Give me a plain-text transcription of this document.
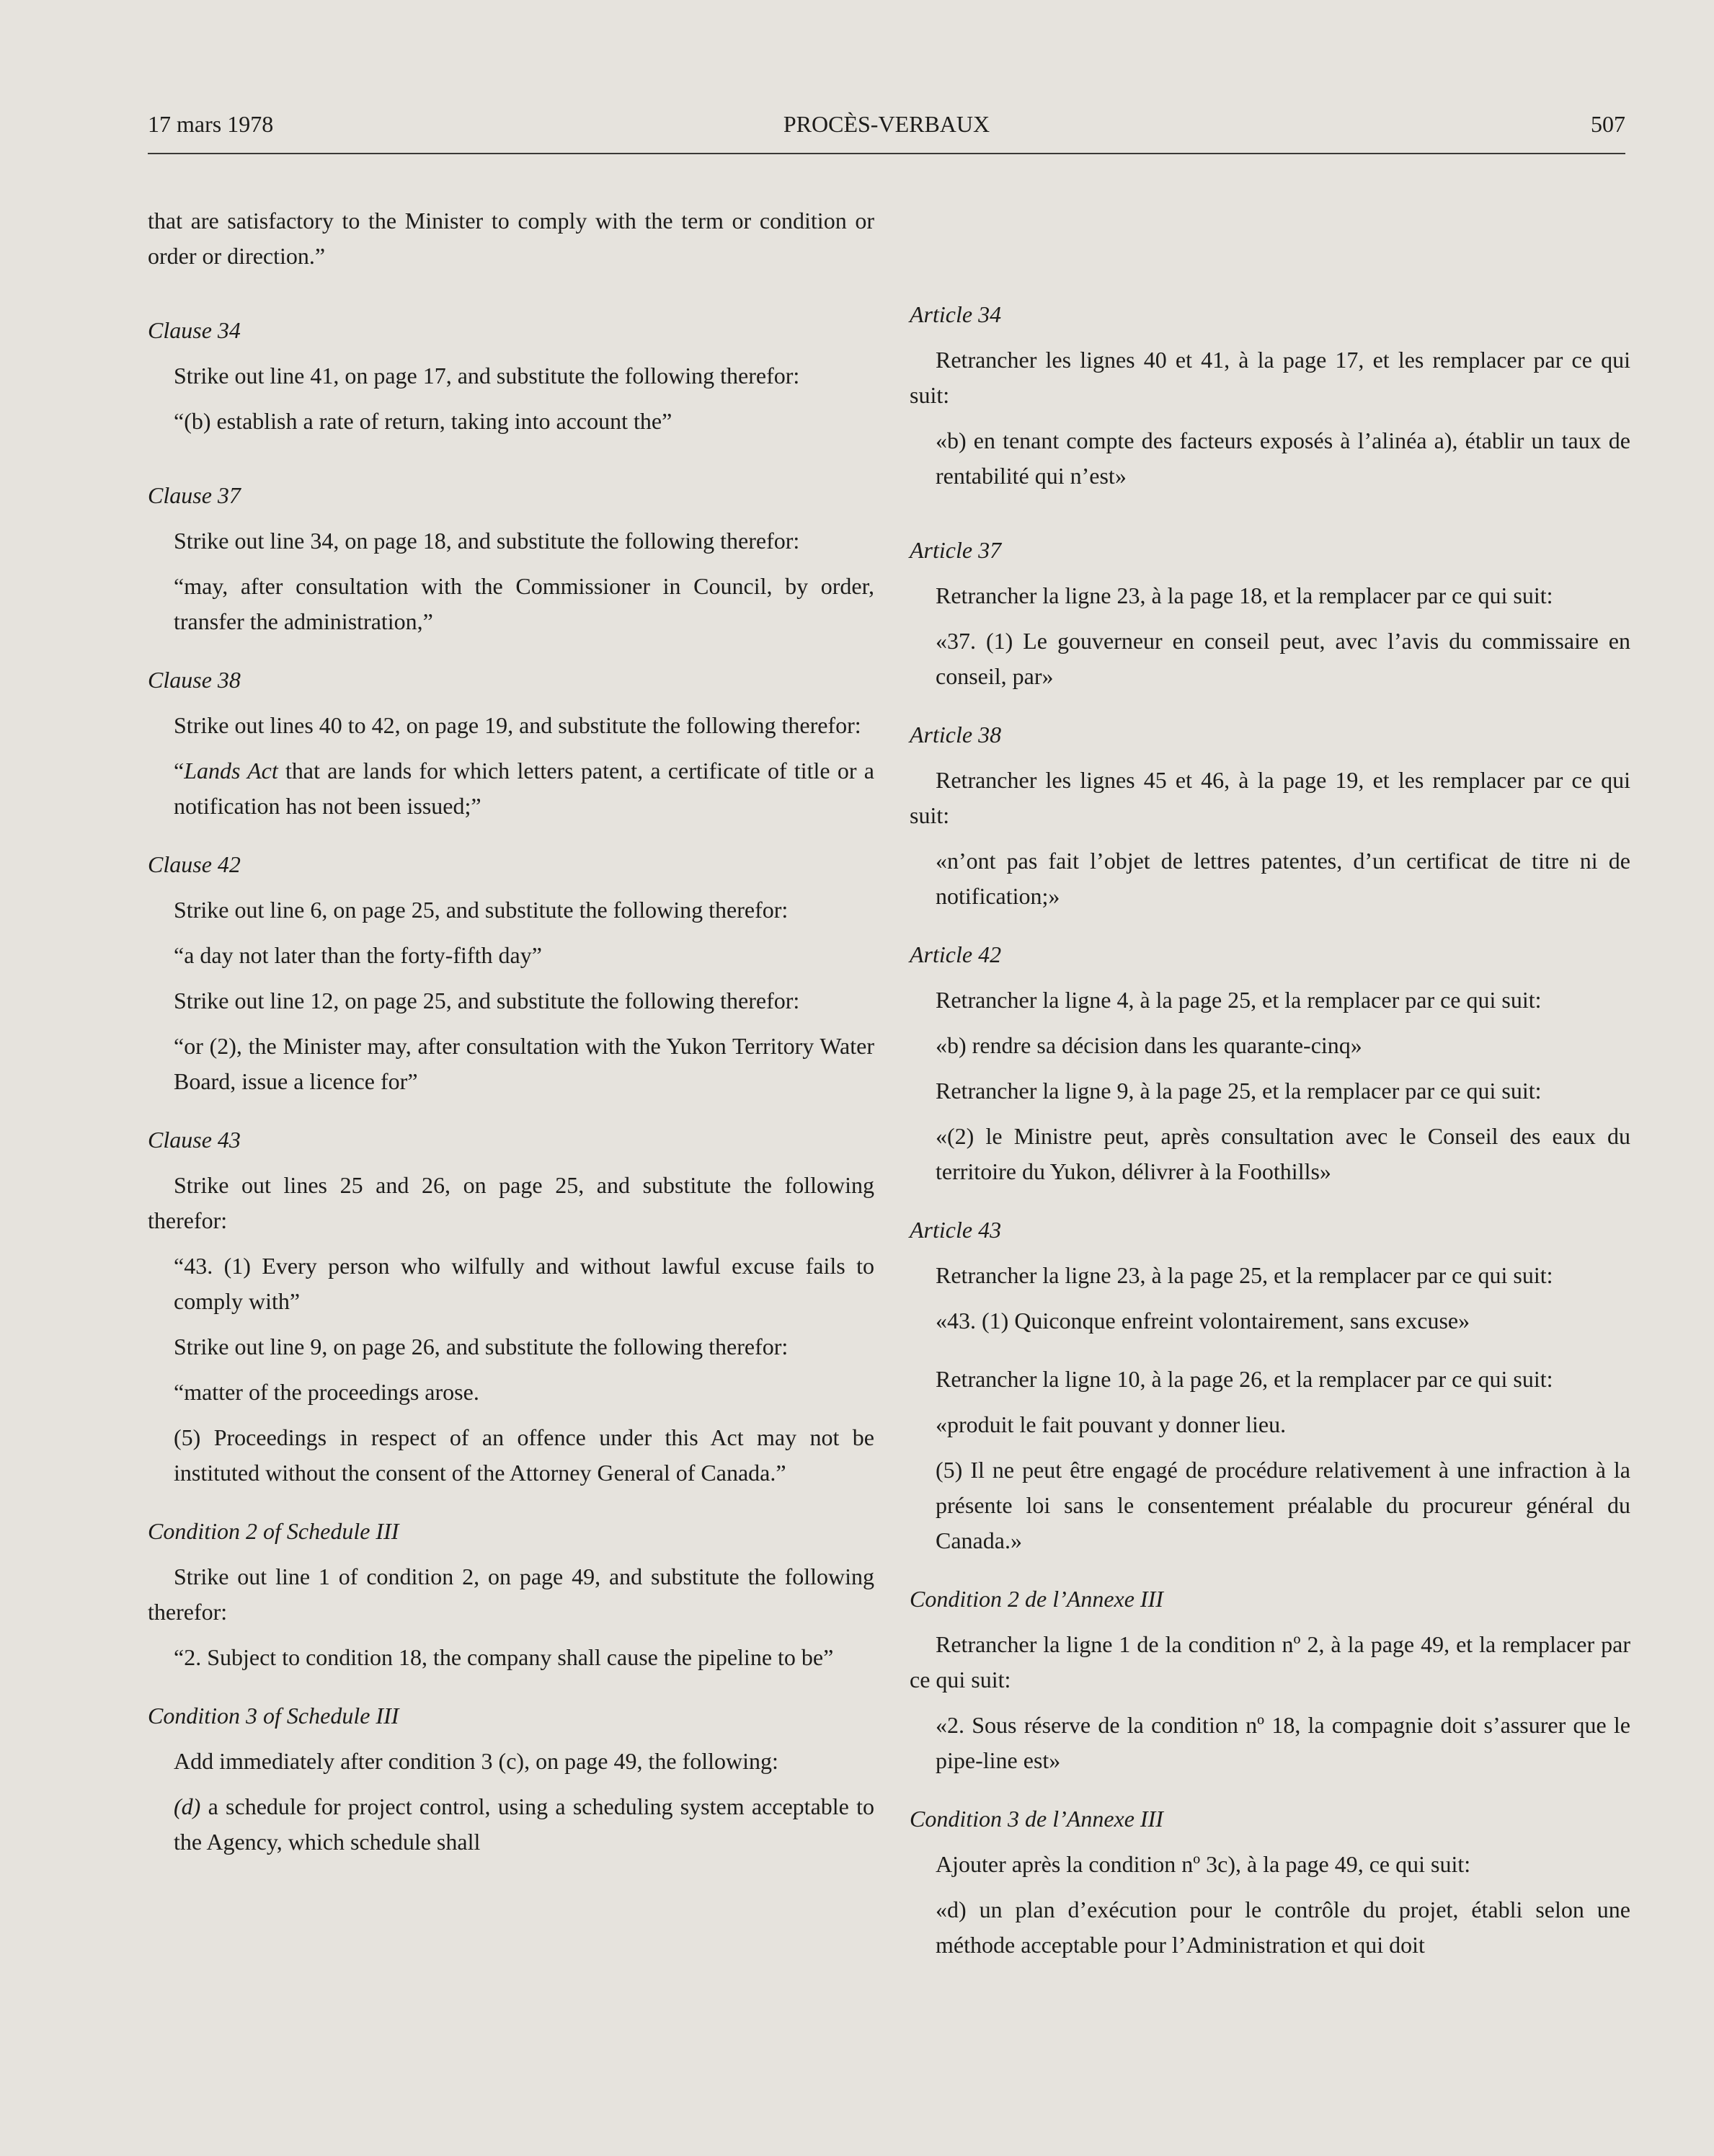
17 mars 1978	PROCÈS-VERBAUX	507

that are satisfactory to the Minister to comply with the term or condition or order or direction.”

Clause 34

Strike out line 41, on page 17, and substitute the following therefor:

“(b) establish a rate of return, taking into account the”

Clause 37

Strike out line 34, on page 18, and substitute the following therefor:

“may, after consultation with the Commissioner in Council, by order, transfer the administration,”

Clause 38

Strike out lines 40 to 42, on page 19, and substitute the following therefor:

“Lands Act that are lands for which letters patent, a certificate of title or a notification has not been issued;”

Clause 42

Strike out line 6, on page 25, and substitute the following therefor:

“a day not later than the forty-fifth day”

Strike out line 12, on page 25, and substitute the following therefor:

“or (2), the Minister may, after consultation with the Yukon Territory Water Board, issue a licence for”

Clause 43

Strike out lines 25 and 26, on page 25, and substitute the following therefor:

“43. (1) Every person who wilfully and without lawful excuse fails to comply with”

Strike out line 9, on page 26, and substitute the following therefor:

“matter of the proceedings arose.

(5) Proceedings in respect of an offence under this Act may not be instituted without the consent of the Attorney General of Canada.”

Condition 2 of Schedule III

Strike out line 1 of condition 2, on page 49, and substitute the following therefor:

“2. Subject to condition 18, the company shall cause the pipeline to be”

Condition 3 of Schedule III

Add immediately after condition 3 (c), on page 49, the following:

(d) a schedule for project control, using a scheduling system acceptable to the Agency, which schedule shall

Article 34

Retrancher les lignes 40 et 41, à la page 17, et les remplacer par ce qui suit:

«b) en tenant compte des facteurs exposés à l’alinéa a), établir un taux de rentabilité qui n’est»

Article 37

Retrancher la ligne 23, à la page 18, et la remplacer par ce qui suit:

«37. (1) Le gouverneur en conseil peut, avec l’avis du commissaire en conseil, par»

Article 38

Retrancher les lignes 45 et 46, à la page 19, et les remplacer par ce qui suit:

«n’ont pas fait l’objet de lettres patentes, d’un certificat de titre ni de notification;»

Article 42

Retrancher la ligne 4, à la page 25, et la remplacer par ce qui suit:

«b) rendre sa décision dans les quarante-cinq»

Retrancher la ligne 9, à la page 25, et la remplacer par ce qui suit:

«(2) le Ministre peut, après consultation avec le Conseil des eaux du territoire du Yukon, délivrer à la Foothills»

Article 43

Retrancher la ligne 23, à la page 25, et la remplacer par ce qui suit:

«43. (1) Quiconque enfreint volontairement, sans excuse»

Retrancher la ligne 10, à la page 26, et la remplacer par ce qui suit:

«produit le fait pouvant y donner lieu.

(5) Il ne peut être engagé de procédure relativement à une infraction à la présente loi sans le consentement préalable du procureur général du Canada.»

Condition 2 de l’Annexe III

Retrancher la ligne 1 de la condition nº 2, à la page 49, et la remplacer par ce qui suit:

«2. Sous réserve de la condition nº 18, la compagnie doit s’assurer que le pipe-line est»

Condition 3 de l’Annexe III

Ajouter après la condition nº 3c), à la page 49, ce qui suit:

«d) un plan d’exécution pour le contrôle du projet, établi selon une méthode acceptable pour l’Administration et qui doit
